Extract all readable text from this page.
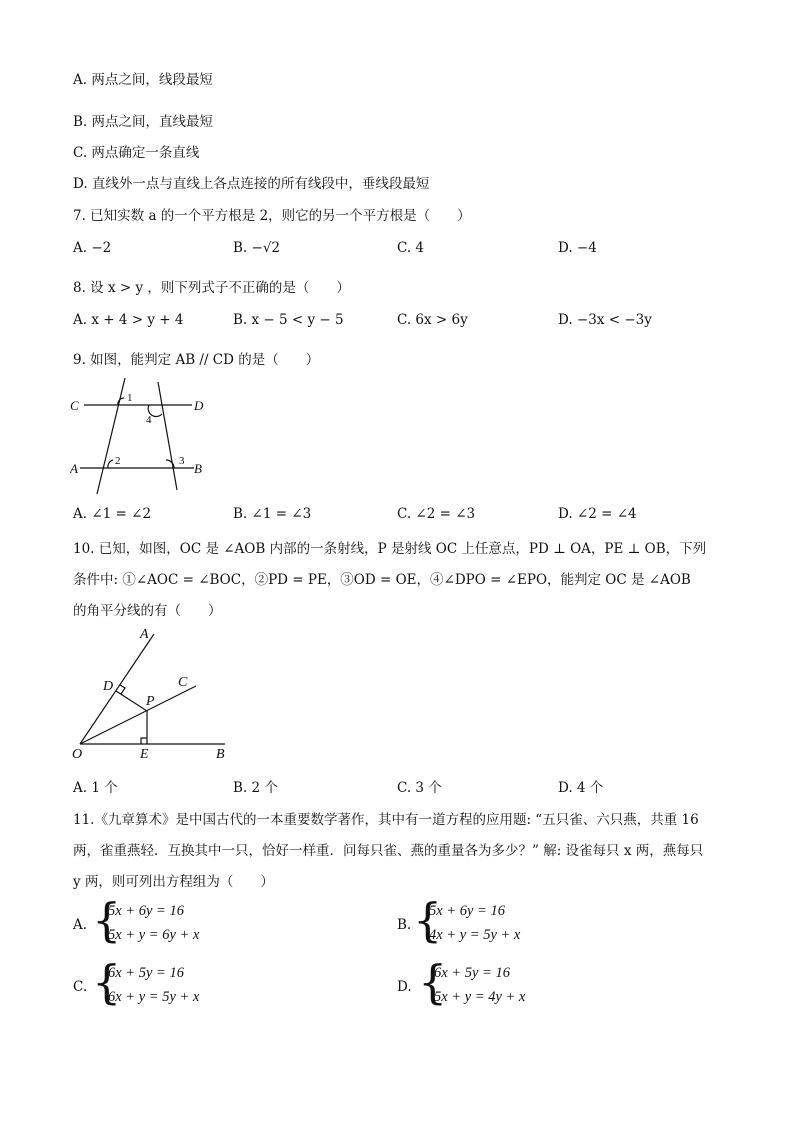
A. 两点之间，线段最短
B. 两点之间，直线最短
C. 两点确定一条直线
D. 直线外一点与直线上各点连接的所有线段中，垂线段最短
7. 已知实数 a 的一个平方根是 2，则它的另一个平方根是（　　）
A. −2	B. −√2	C. 4	D. −4
8. 设 x > y ，则下列式子不正确的是（　　）
A. x + 4 > y + 4	B. x − 5 < y − 5	C. 6x > 6y	D. −3x < −3y
9. 如图，能判定 AB // CD 的是（　　）
C	D
A	B
1
4
2	3
A. ∠1 = ∠2	B. ∠1 = ∠3	C. ∠2 = ∠3	D. ∠2 = ∠4
10. 已知，如图，OC 是 ∠AOB 内部的一条射线，P 是射线 OC 上任意点，PD ⊥ OA，PE ⊥ OB，下列
条件中: ①∠AOC = ∠BOC，②PD = PE，③OD = OE，④∠DPO = ∠EPO，能判定 OC 是 ∠AOB
的角平分线的有（　　）
A
C
D
P
O	E	B
A. 1 个	B. 2 个	C. 3 个	D. 4 个
11.《九章算术》是中国古代的一本重要数学著作，其中有一道方程的应用题: “五只雀、六只燕，共重 16
两，雀重燕轻．互换其中一只，恰好一样重．问每只雀、燕的重量各为多少？” 解: 设雀每只 x 两，燕每只
y 两，则可列出方程组为（　　）
A. {
5x + 6y = 16
5x + y = 6y + x
B. {
5x + 6y = 16
4x + y = 5y + x
C. {
6x + 5y = 16
6x + y = 5y + x
D. {
6x + 5y = 16
5x + y = 4y + x
